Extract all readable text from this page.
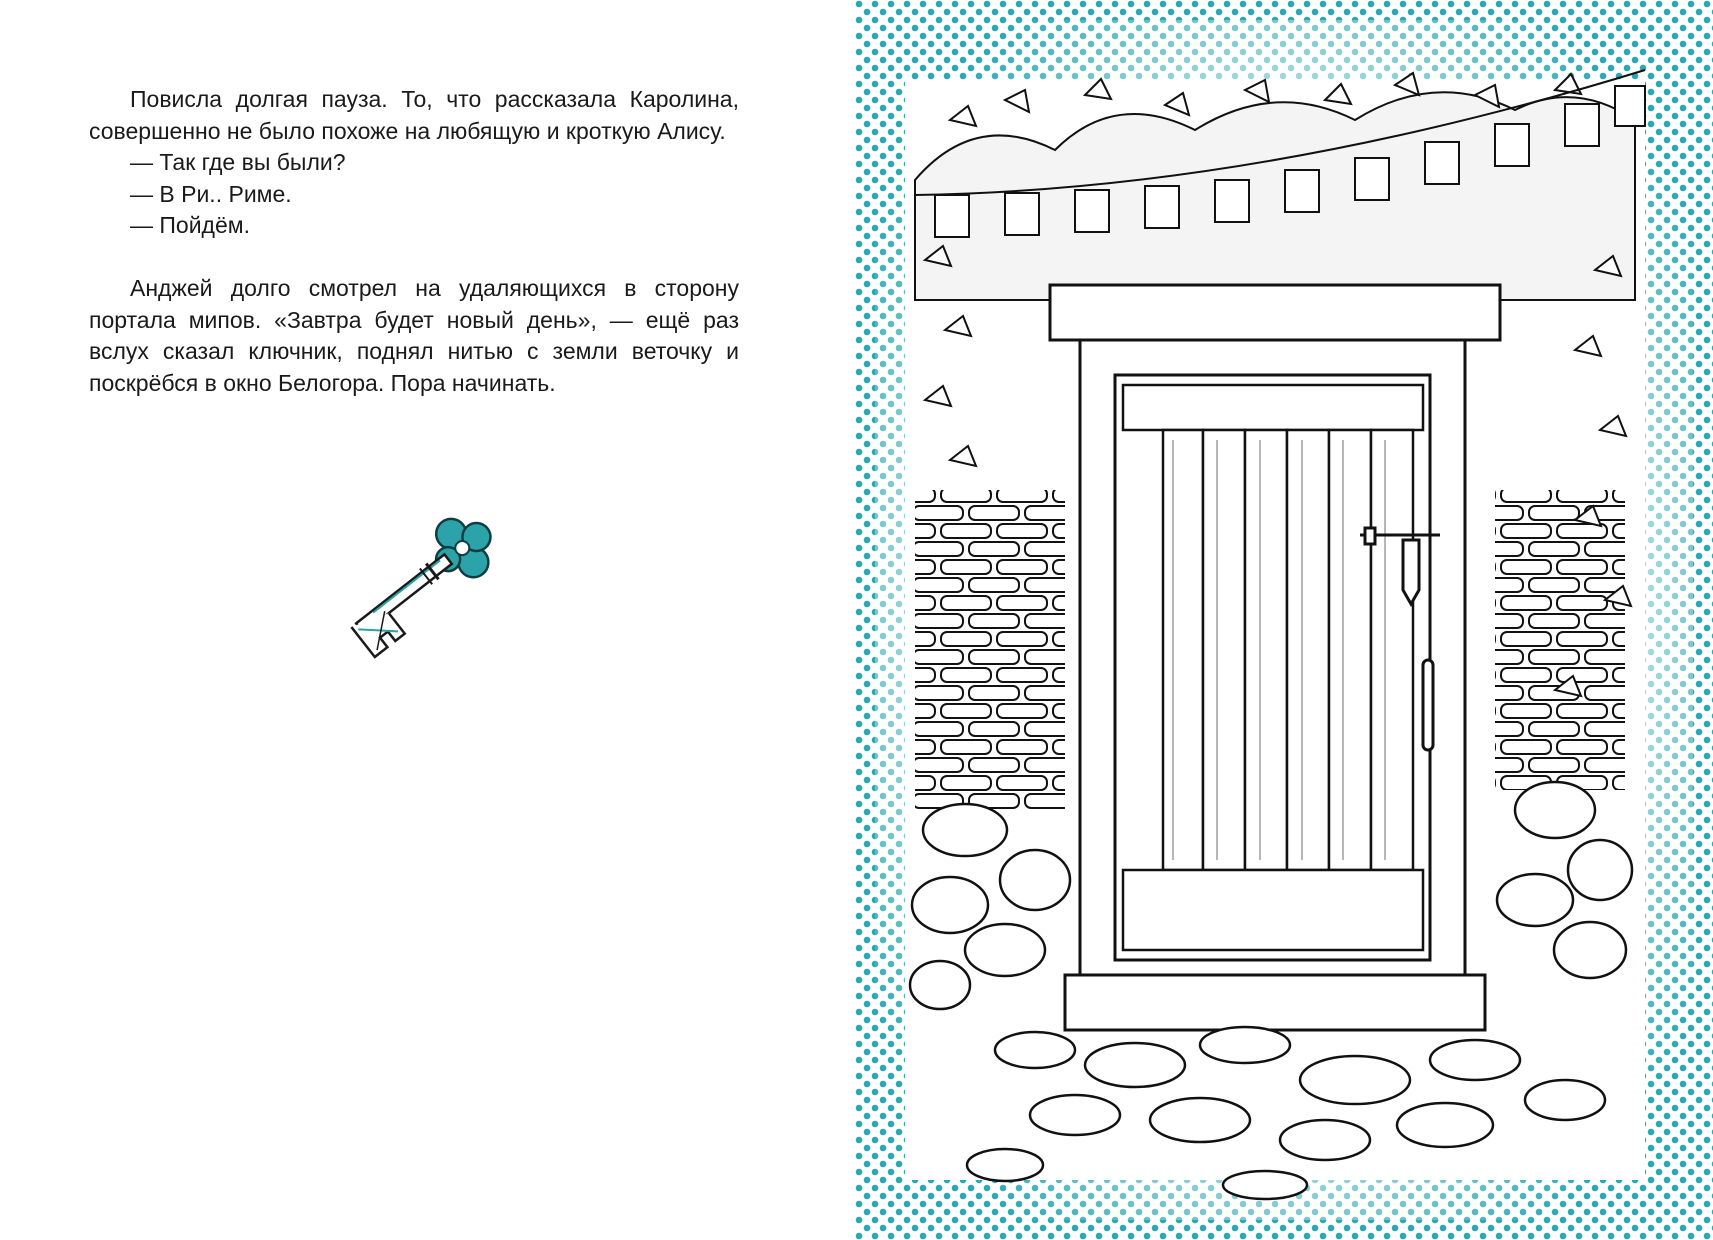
Повисла долгая пауза. То, что рассказала Каролина, совершенно не было похоже на любящую и кроткую Алису.

— Так где вы были?

— В Ри.. Риме.

— Пойдём.

Анджей долго смотрел на удаляющихся в сторону портала мипов. «Завтра будет новый день», — ещё раз вслух сказал ключник, поднял нитью с земли веточку и поскрёбся в окно Белогора. Пора начинать.
